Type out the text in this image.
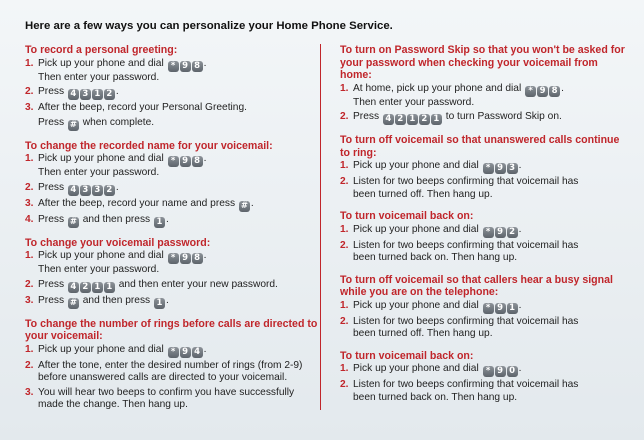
Here are a few ways you can personalize your Home Phone Service.
To record a personal greeting:
1. Pick up your phone and dial * 9 8 .
Then enter your password.
2. Press 4 3 1 2 .
3. After the beep, record your Personal Greeting.
Press # when complete.
To change the recorded name for your voicemail:
1. Pick up your phone and dial * 9 8 .
Then enter your password.
2. Press 4 3 3 2 .
3. After the beep, record your name and press # .
4. Press # and then press 1 .
To change your voicemail password:
1. Pick up your phone and dial * 9 8 .
Then enter your password.
2. Press 4 2 1 1 and then enter your new password.
3. Press # and then press 1 .
To change the number of rings before calls are directed to your voicemail:
1. Pick up your phone and dial * 9 4 .
2. After the tone, enter the desired number of rings (from 2-9)
before unanswered calls are directed to your voicemail.
3. You will hear two beeps to confirm you have successfully
made the change. Then hang up.
To turn on Password Skip so that you won't be asked for your password when checking your voicemail from home:
1. At home, pick up your phone and dial * 9 8 .
Then enter your password.
2. Press 4 2 1 2 1 to turn Password Skip on.
To turn off voicemail so that unanswered calls continue to ring:
1. Pick up your phone and dial * 9 3 .
2. Listen for two beeps confirming that voicemail has
been turned off. Then hang up.
To turn voicemail back on:
1. Pick up your phone and dial * 9 2 .
2. Listen for two beeps confirming that voicemail has
been turned back on. Then hang up.
To turn off voicemail so that callers hear a busy signal while you are on the telephone:
1. Pick up your phone and dial * 9 1 .
2. Listen for two beeps confirming that voicemail has
been turned off. Then hang up.
To turn voicemail back on:
1. Pick up your phone and dial * 9 0 .
2. Listen for two beeps confirming that voicemail has
been turned back on. Then hang up.
